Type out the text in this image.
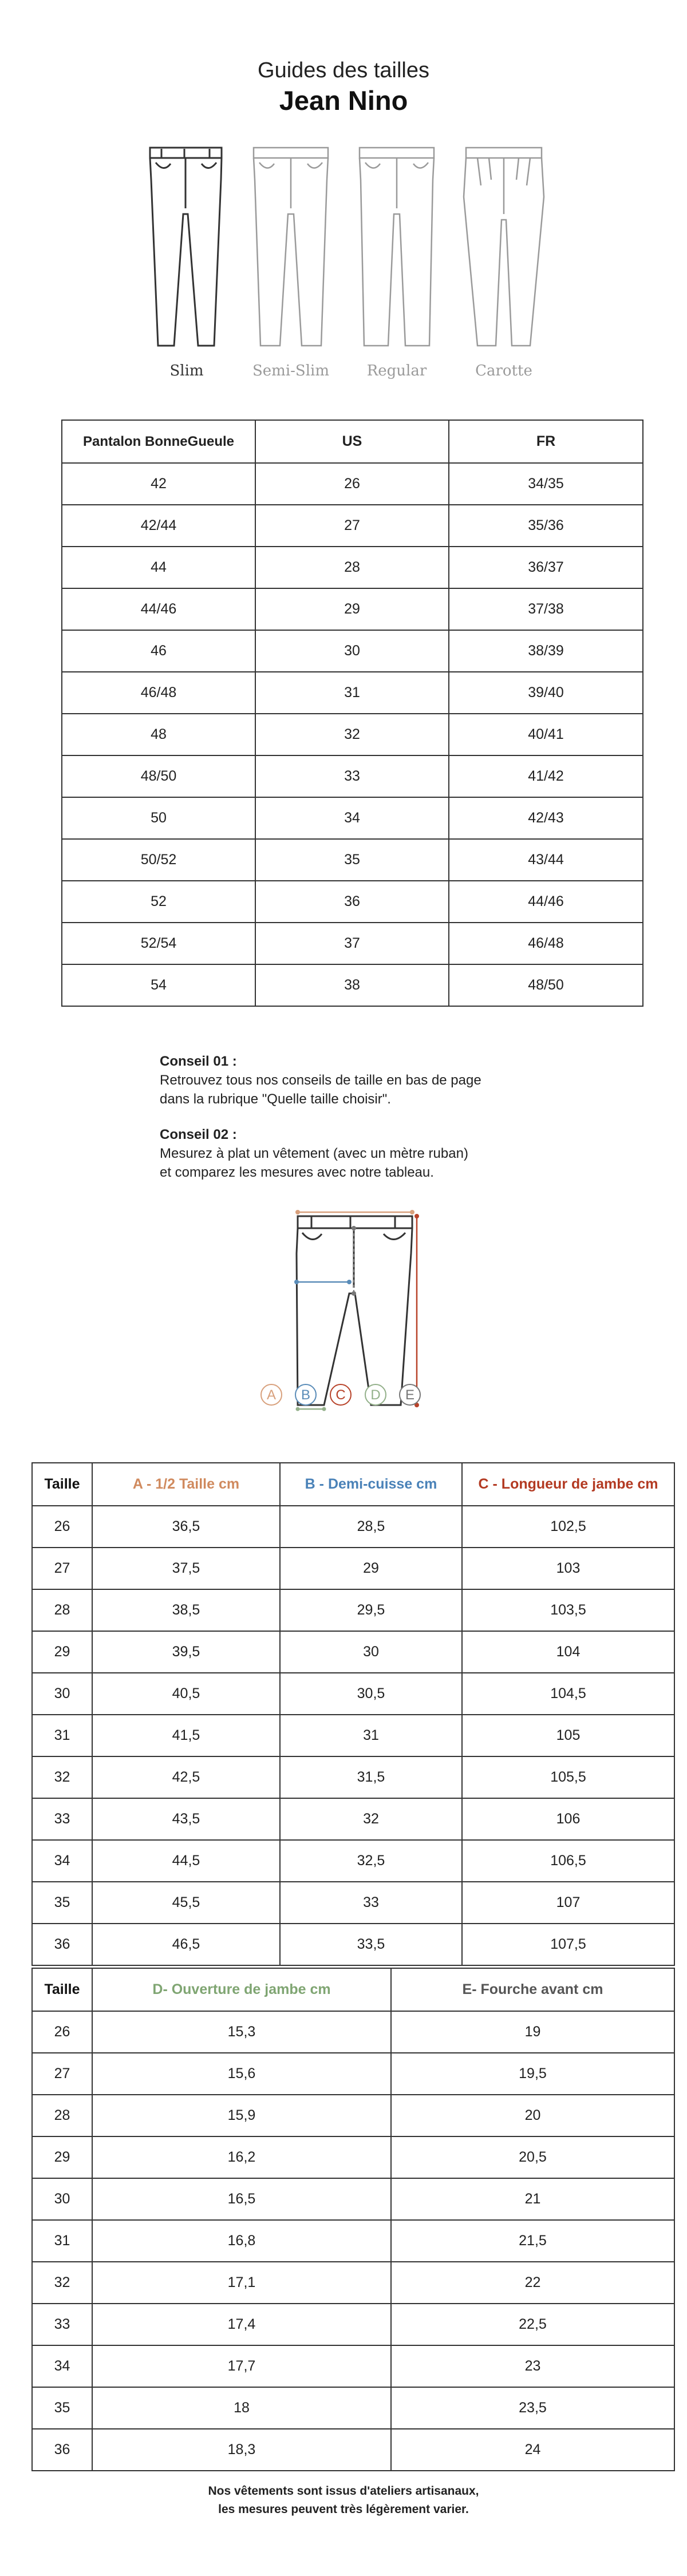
Guides des tailles
Jean Nino
Slim	Semi-Slim	Regular	Carotte
Pantalon BonneGueule	US	FR
42	26	34/35
42/44	27	35/36
44	28	36/37
44/46	29	37/38
46	30	38/39
46/48	31	39/40
48	32	40/41
48/50	33	41/42
50	34	42/43
50/52	35	43/44
52	36	44/46
52/54	37	46/48
54	38	48/50
Conseil 01 :
Retrouvez tous nos conseils de taille en bas de page
dans la rubrique "Quelle taille choisir".
Conseil 02 :
Mesurez à plat un vêtement (avec un mètre ruban)
et comparez les mesures avec notre tableau.
A	B	C	D	E
Taille	A - 1/2 Taille cm	B - Demi-cuisse cm	C - Longueur de jambe cm
26	36,5	28,5	102,5
27	37,5	29	103
28	38,5	29,5	103,5
29	39,5	30	104
30	40,5	30,5	104,5
31	41,5	31	105
32	42,5	31,5	105,5
33	43,5	32	106
34	44,5	32,5	106,5
35	45,5	33	107
36	46,5	33,5	107,5
Taille	D- Ouverture de jambe cm	E- Fourche avant cm
26	15,3	19
27	15,6	19,5
28	15,9	20
29	16,2	20,5
30	16,5	21
31	16,8	21,5
32	17,1	22
33	17,4	22,5
34	17,7	23
35	18	23,5
36	18,3	24
Nos vêtements sont issus d'ateliers artisanaux,
les mesures peuvent très légèrement varier.
